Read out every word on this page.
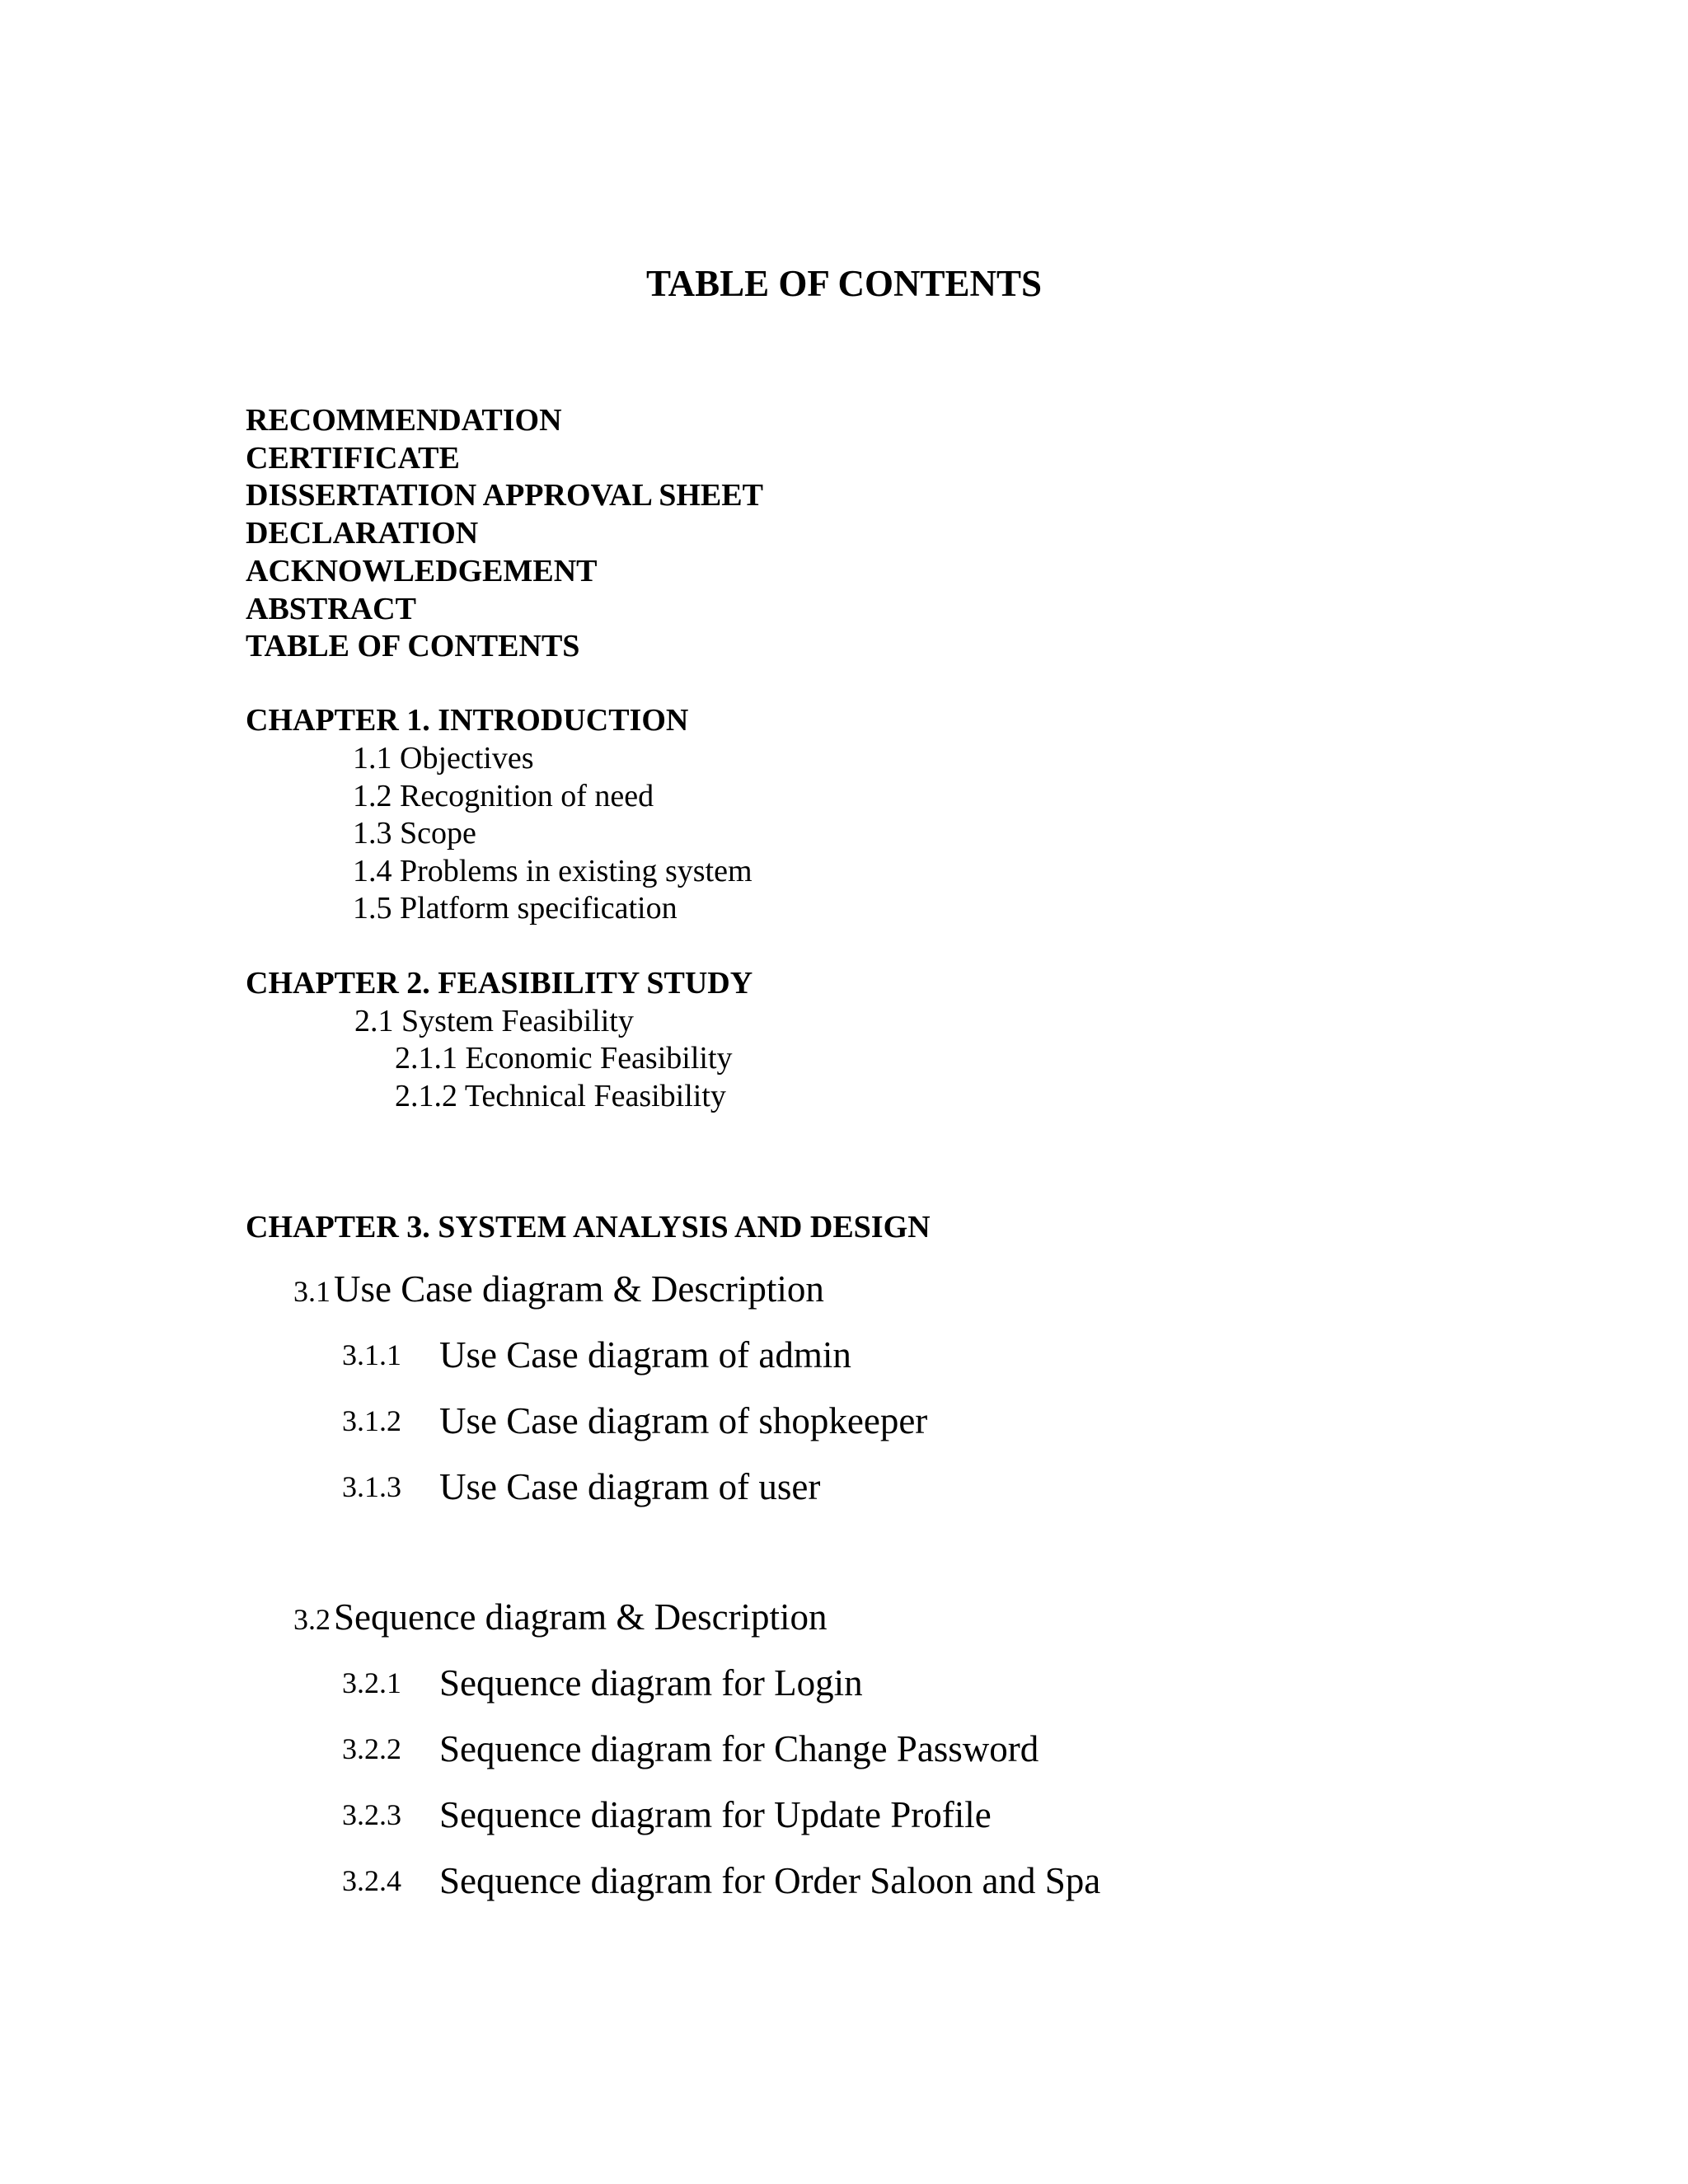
TABLE OF CONTENTS
RECOMMENDATION
CERTIFICATE
DISSERTATION APPROVAL SHEET
DECLARATION
ACKNOWLEDGEMENT
ABSTRACT
TABLE OF CONTENTS
CHAPTER 1. INTRODUCTION
1.1 Objectives
1.2 Recognition of need
1.3 Scope
1.4 Problems in existing system
1.5 Platform specification
CHAPTER 2. FEASIBILITY STUDY
2.1 System Feasibility
2.1.1 Economic Feasibility
2.1.2 Technical Feasibility
CHAPTER 3. SYSTEM ANALYSIS AND DESIGN
3.1 Use Case diagram & Description
3.1.1 Use Case diagram of admin
3.1.2 Use Case diagram of shopkeeper
3.1.3 Use Case diagram of user
3.2 Sequence diagram & Description
3.2.1 Sequence diagram for Login
3.2.2 Sequence diagram for Change Password
3.2.3 Sequence diagram for Update Profile
3.2.4 Sequence diagram for Order Saloon and Spa
